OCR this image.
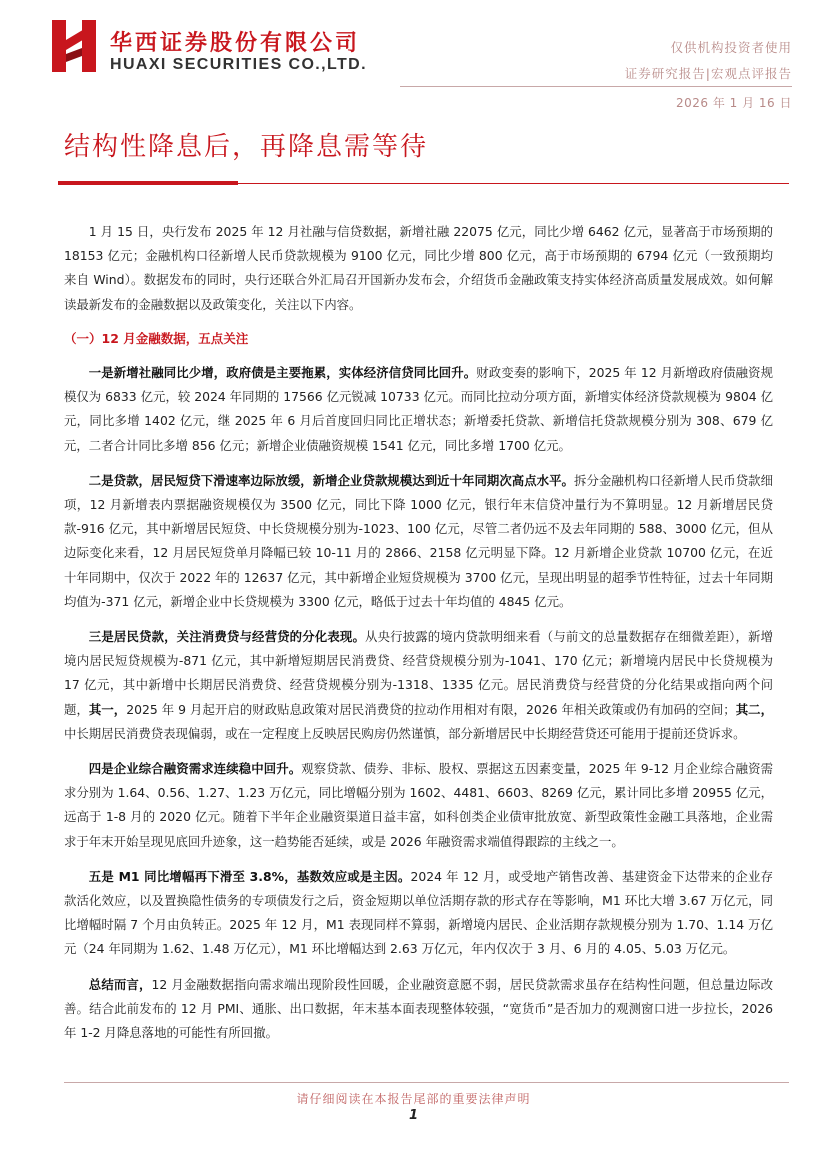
华西证券股份有限公司
HUAXI SECURITIES CO.,LTD.
仅供机构投资者使用
证券研究报告|宏观点评报告
2026 年 1 月 16 日
结构性降息后，再降息需等待

1 月 15 日，央行发布 2025 年 12 月社融与信贷数据，新增社融 22075 亿元，同比少增 6462 亿元，显著高于市场预期的 18153 亿元；金融机构口径新增人民币贷款规模为 9100 亿元，同比少增 800 亿元，高于市场预期的 6794 亿元（一致预期均来自 Wind）。数据发布的同时，央行还联合外汇局召开国新办发布会，介绍货币金融政策支持实体经济高质量发展成效。如何解读最新发布的金融数据以及政策变化，关注以下内容。

（一）12 月金融数据，五点关注

一是新增社融同比少增，政府债是主要拖累，实体经济信贷同比回升。财政变奏的影响下，2025 年 12 月新增政府债融资规模仅为 6833 亿元，较 2024 年同期的 17566 亿元锐减 10733 亿元。而同比拉动分项方面，新增实体经济贷款规模为 9804 亿元，同比多增 1402 亿元，继 2025 年 6 月后首度回归同比正增状态；新增委托贷款、新增信托贷款规模分别为 308、679 亿元，二者合计同比多增 856 亿元；新增企业债融资规模 1541 亿元，同比多增 1700 亿元。

二是贷款，居民短贷下滑速率边际放缓，新增企业贷款规模达到近十年同期次高点水平。拆分金融机构口径新增人民币贷款细项，12 月新增表内票据融资规模仅为 3500 亿元，同比下降 1000 亿元，银行年末信贷冲量行为不算明显。12 月新增居民贷款-916 亿元，其中新增居民短贷、中长贷规模分别为-1023、100 亿元，尽管二者仍远不及去年同期的 588、3000 亿元，但从边际变化来看，12 月居民短贷单月降幅已较 10-11 月的 2866、2158 亿元明显下降。12 月新增企业贷款 10700 亿元，在近十年同期中，仅次于 2022 年的 12637 亿元，其中新增企业短贷规模为 3700 亿元，呈现出明显的超季节性特征，过去十年同期均值为-371 亿元，新增企业中长贷规模为 3300 亿元，略低于过去十年均值的 4845 亿元。

三是居民贷款，关注消费贷与经营贷的分化表现。从央行披露的境内贷款明细来看（与前文的总量数据存在细微差距），新增境内居民短贷规模为-871 亿元，其中新增短期居民消费贷、经营贷规模分别为-1041、170 亿元；新增境内居民中长贷规模为 17 亿元，其中新增中长期居民消费贷、经营贷规模分别为-1318、1335 亿元。居民消费贷与经营贷的分化结果或指向两个问题，其一，2025 年 9 月起开启的财政贴息政策对居民消费贷的拉动作用相对有限，2026 年相关政策或仍有加码的空间；其二，中长期居民消费贷表现偏弱，或在一定程度上反映居民购房仍然谨慎，部分新增居民中长期经营贷还可能用于提前还贷诉求。

四是企业综合融资需求连续稳中回升。观察贷款、债券、非标、股权、票据这五因素变量，2025 年 9-12 月企业综合融资需求分别为 1.64、0.56、1.27、1.23 万亿元，同比增幅分别为 1602、4481、6603、8269 亿元，累计同比多增 20955 亿元，远高于 1-8 月的 2020 亿元。随着下半年企业融资渠道日益丰富，如科创类企业债审批放宽、新型政策性金融工具落地，企业需求于年末开始呈现见底回升迹象，这一趋势能否延续，或是 2026 年融资需求端值得跟踪的主线之一。

五是 M1 同比增幅再下滑至 3.8%，基数效应或是主因。2024 年 12 月，或受地产销售改善、基建资金下达带来的企业存款活化效应，以及置换隐性债务的专项债发行之后，资金短期以单位活期存款的形式存在等影响，M1 环比大增 3.67 万亿元，同比增幅时隔 7 个月由负转正。2025 年 12 月，M1 表现同样不算弱，新增境内居民、企业活期存款规模分别为 1.70、1.14 万亿元（24 年同期为 1.62、1.48 万亿元），M1 环比增幅达到 2.63 万亿元，年内仅次于 3 月、6 月的 4.05、5.03 万亿元。

总结而言，12 月金融数据指向需求端出现阶段性回暖，企业融资意愿不弱，居民贷款需求虽存在结构性问题，但总量边际改善。结合此前发布的 12 月 PMI、通胀、出口数据，年末基本面表现整体较强，“宽货币”是否加力的观测窗口进一步拉长，2026 年 1-2 月降息落地的可能性有所回撤。

请仔细阅读在本报告尾部的重要法律声明
1
